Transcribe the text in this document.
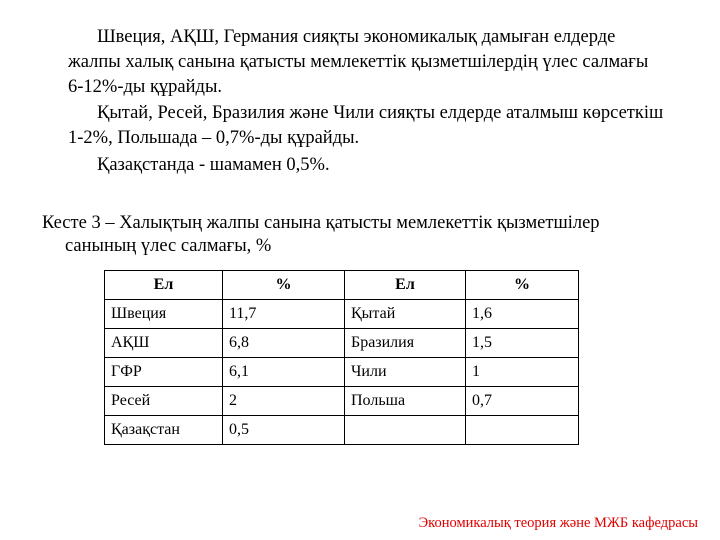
Швеция, АҚШ, Германия сияқты экономикалық дамыған елдерде жалпы халық санына қатысты мемлекеттік қызметшілердің үлес салмағы 6-12%-ды құрайды.
Қытай, Ресей, Бразилия және Чили сияқты елдерде аталмыш көрсеткіш 1-2%, Польшада – 0,7%-ды құрайды.
Қазақстанда - шамамен 0,5%.
Кесте 3 – Халықтың жалпы санына қатысты мемлекеттік қызметшілер
санының үлес салмағы, %
Ел	%	Ел	%
Швеция	11,7	Қытай	1,6
АҚШ	6,8	Бразилия	1,5
ГФР	6,1	Чили	1
Ресей	2	Польша	0,7
Қазақстан	0,5		
Экономикалық теория және МЖБ кафедрасы
